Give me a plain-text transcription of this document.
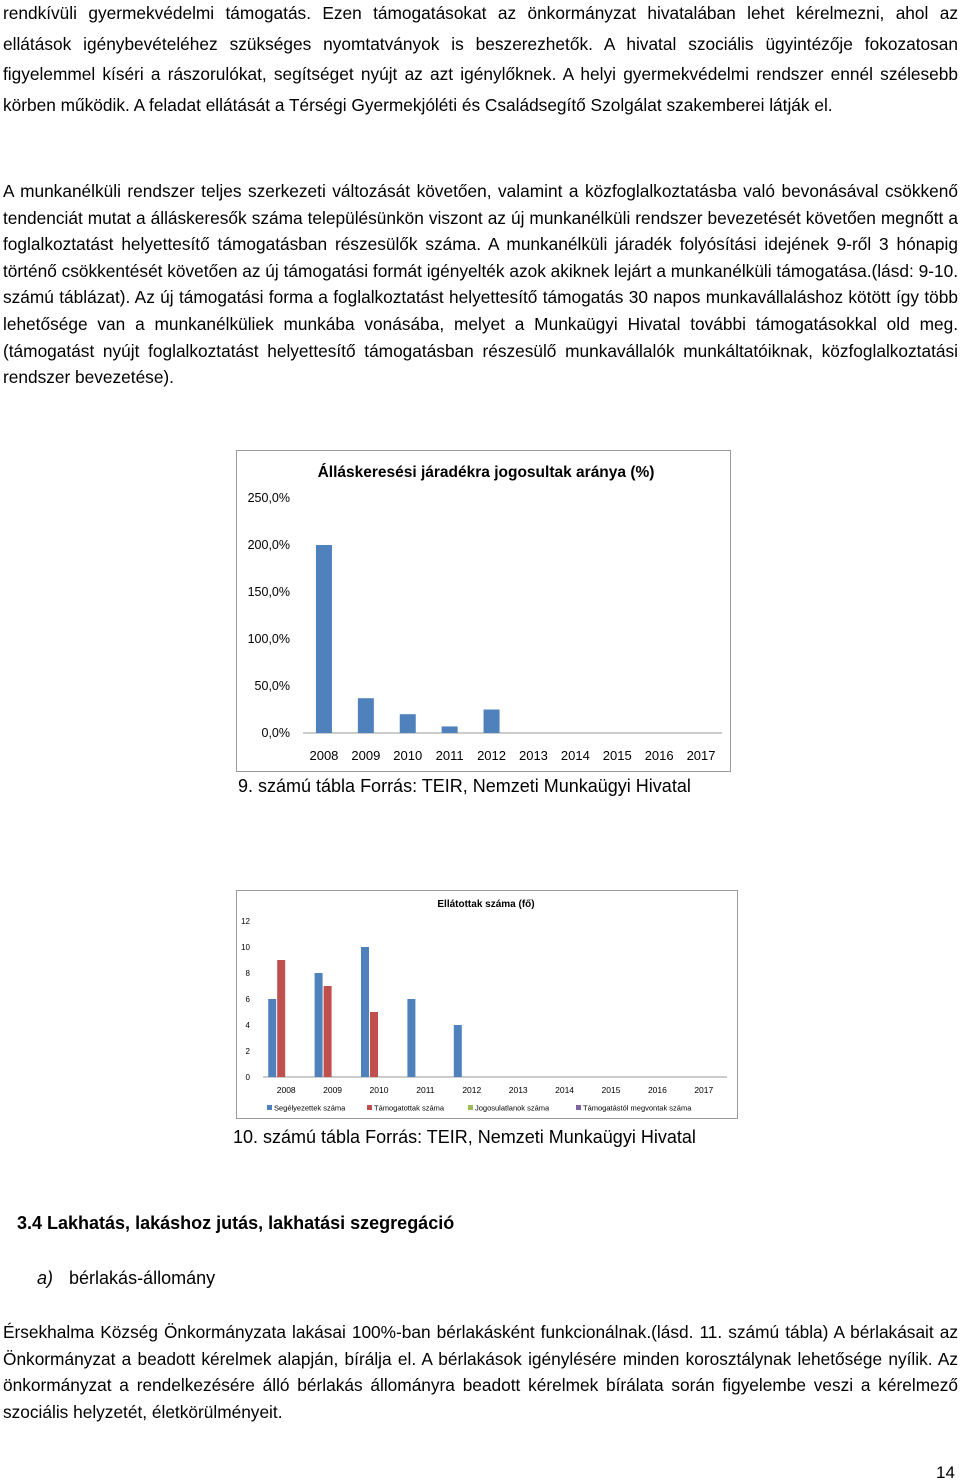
rendkívüli gyermekvédelmi támogatás. Ezen támogatásokat az önkormányzat hivatalában lehet kérelmezni, ahol az ellátások igénybevételéhez szükséges nyomtatványok is beszerezhetők. A hivatal szociális ügyintézője fokozatosan figyelemmel kíséri a rászorulókat, segítséget nyújt az azt igénylőknek. A helyi gyermekvédelmi rendszer ennél szélesebb körben működik. A feladat ellátását a Térségi Gyermekjóléti és Családsegítő Szolgálat szakemberei látják el.

A munkanélküli rendszer teljes szerkezeti változását követően, valamint a közfoglalkoztatásba való bevonásával csökkenő tendenciát mutat a álláskeresők száma településünkön viszont az új munkanélküli rendszer bevezetését követően megnőtt a foglalkoztatást helyettesítő támogatásban részesülők száma. A munkanélküli járadék folyósítási idejének 9-ről 3 hónapig történő csökkentését követően az új támogatási formát igényelték azok akiknek lejárt a munkanélküli támogatása.(lásd: 9-10. számú táblázat). Az új támogatási forma a foglalkoztatást helyettesítő támogatás 30 napos munkavállaláshoz kötött így több lehetősége van a munkanélküliek munkába vonásába, melyet a Munkaügyi Hivatal további támogatásokkal old meg. (támogatást nyújt foglalkoztatást helyettesítő támogatásban részesülő munkavállalók munkáltatóiknak, közfoglalkoztatási rendszer bevezetése).

Álláskeresési járadékra jogosultak aránya (%)
0,0%
50,0%
100,0%
150,0%
200,0%
250,0%
2008 2009 2010 2011 2012 2013 2014 2015 2016 2017
9. számú tábla Forrás: TEIR, Nemzeti Munkaügyi Hivatal
Ellátottak száma (fő)
0
2
4
6
8
10
12
2008	2009	2010	2011	2012	2013	2014	2015	2016	2017
Segélyezettek száma	Támogatottak száma	Jogosulatlanok száma	Támogatástól megvontak száma
10. számú tábla Forrás: TEIR, Nemzeti Munkaügyi Hivatal
3.4 Lakhatás, lakáshoz jutás, lakhatási szegregáció
a) bérlakás-állomány

Érsekhalma Község Önkormányzata lakásai 100%-ban bérlakásként funkcionálnak.(lásd. 11. számú tábla) A bérlakásait az Önkormányzat a beadott kérelmek alapján, bírálja el. A bérlakások igénylésére minden korosztálynak lehetősége nyílik. Az önkormányzat a rendelkezésére álló bérlakás állományra beadott kérelmek bírálata során figyelembe veszi a kérelmező szociális helyzetét, életkörülményeit.

14
